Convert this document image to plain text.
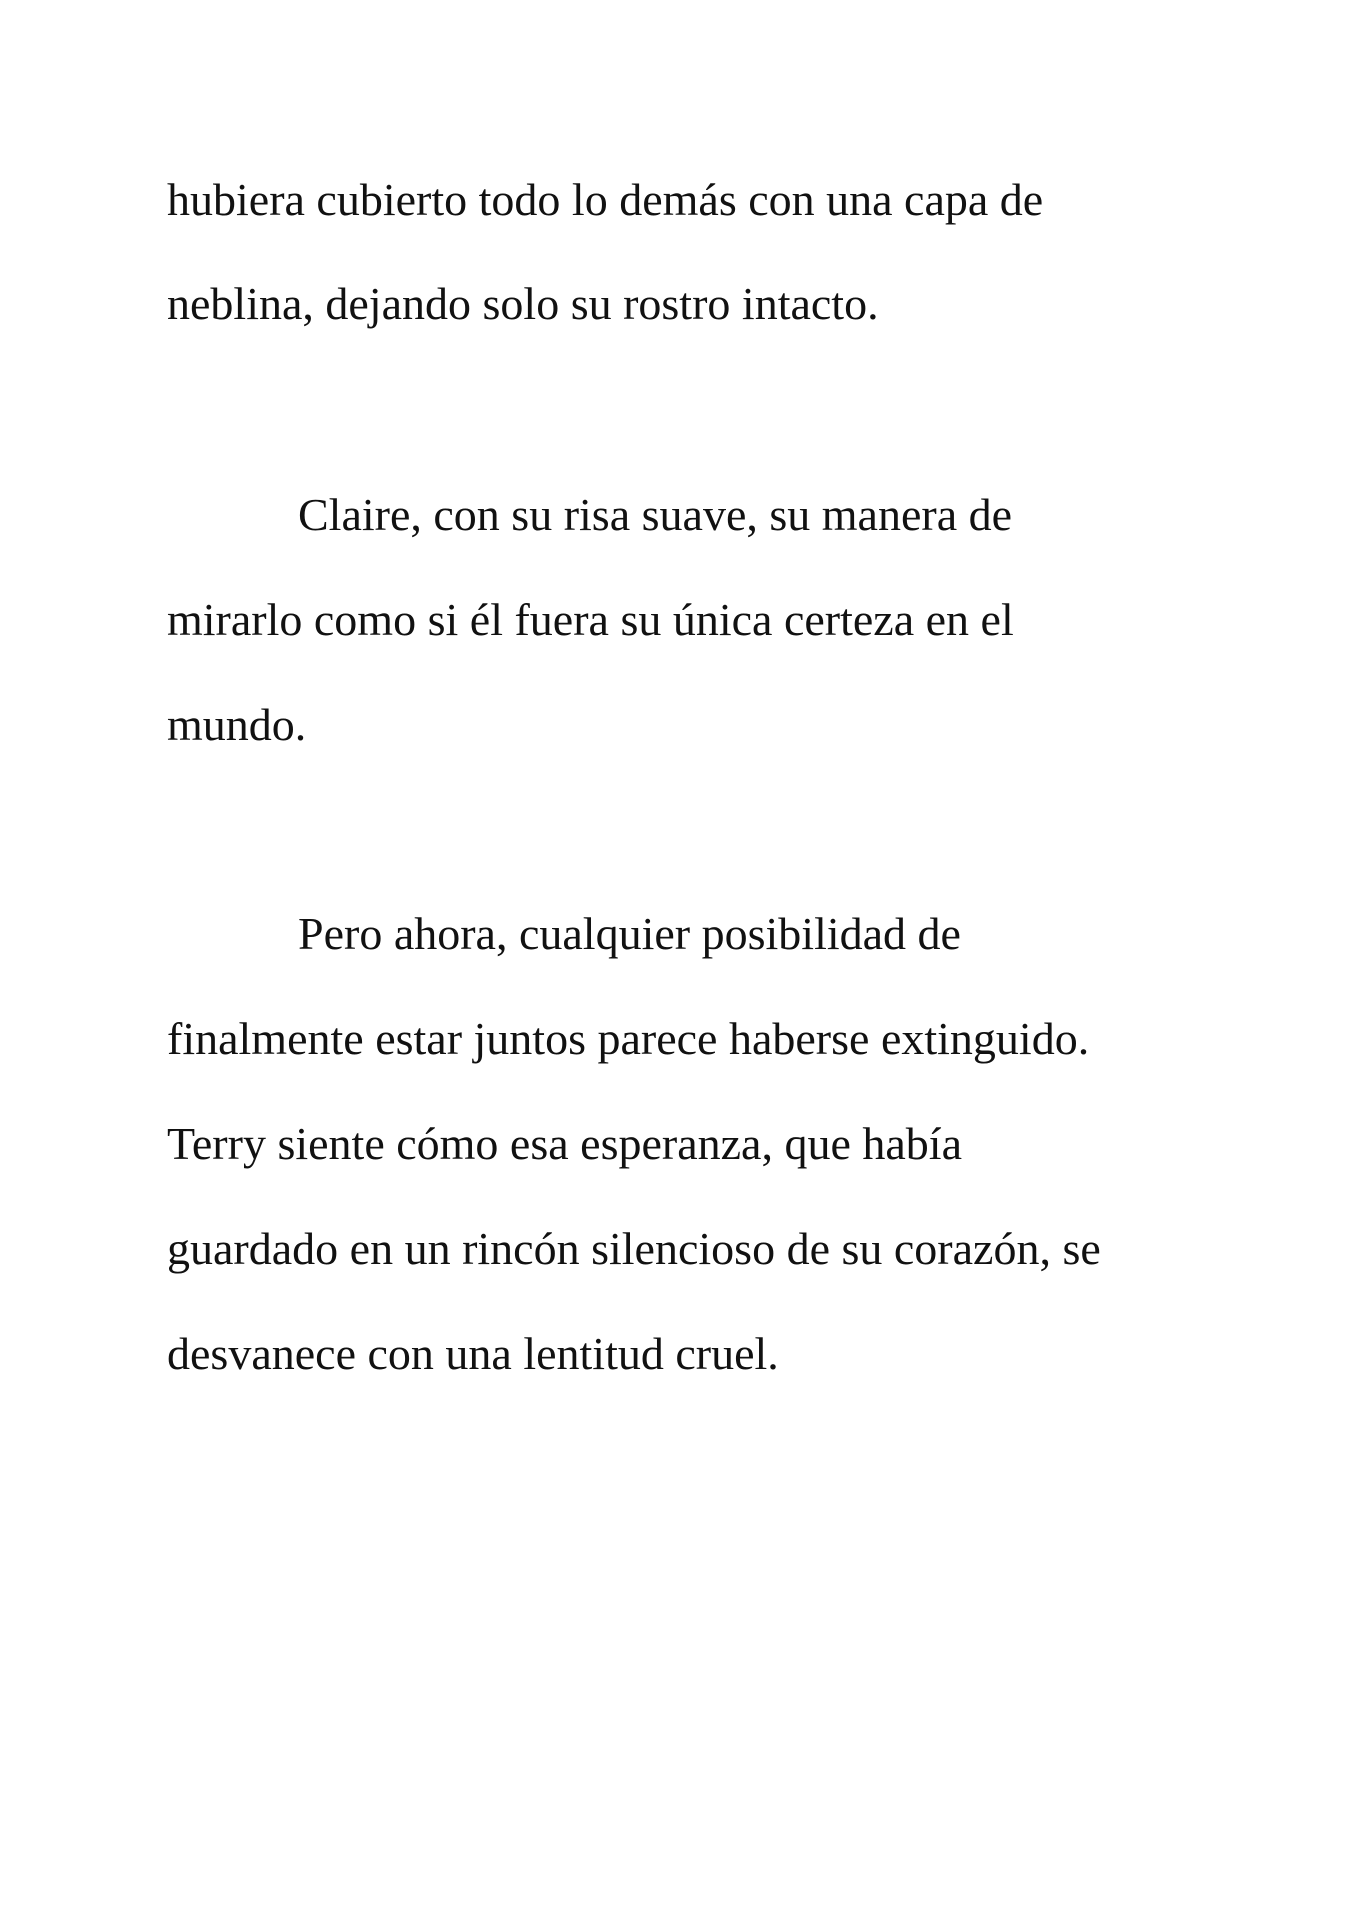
hubiera cubierto todo lo demás con una capa de

neblina, dejando solo su rostro intacto.

Claire, con su risa suave, su manera de

mirarlo como si él fuera su única certeza en el

mundo.

Pero ahora, cualquier posibilidad de

finalmente estar juntos parece haberse extinguido.

Terry siente cómo esa esperanza, que había

guardado en un rincón silencioso de su corazón, se

desvanece con una lentitud cruel.
